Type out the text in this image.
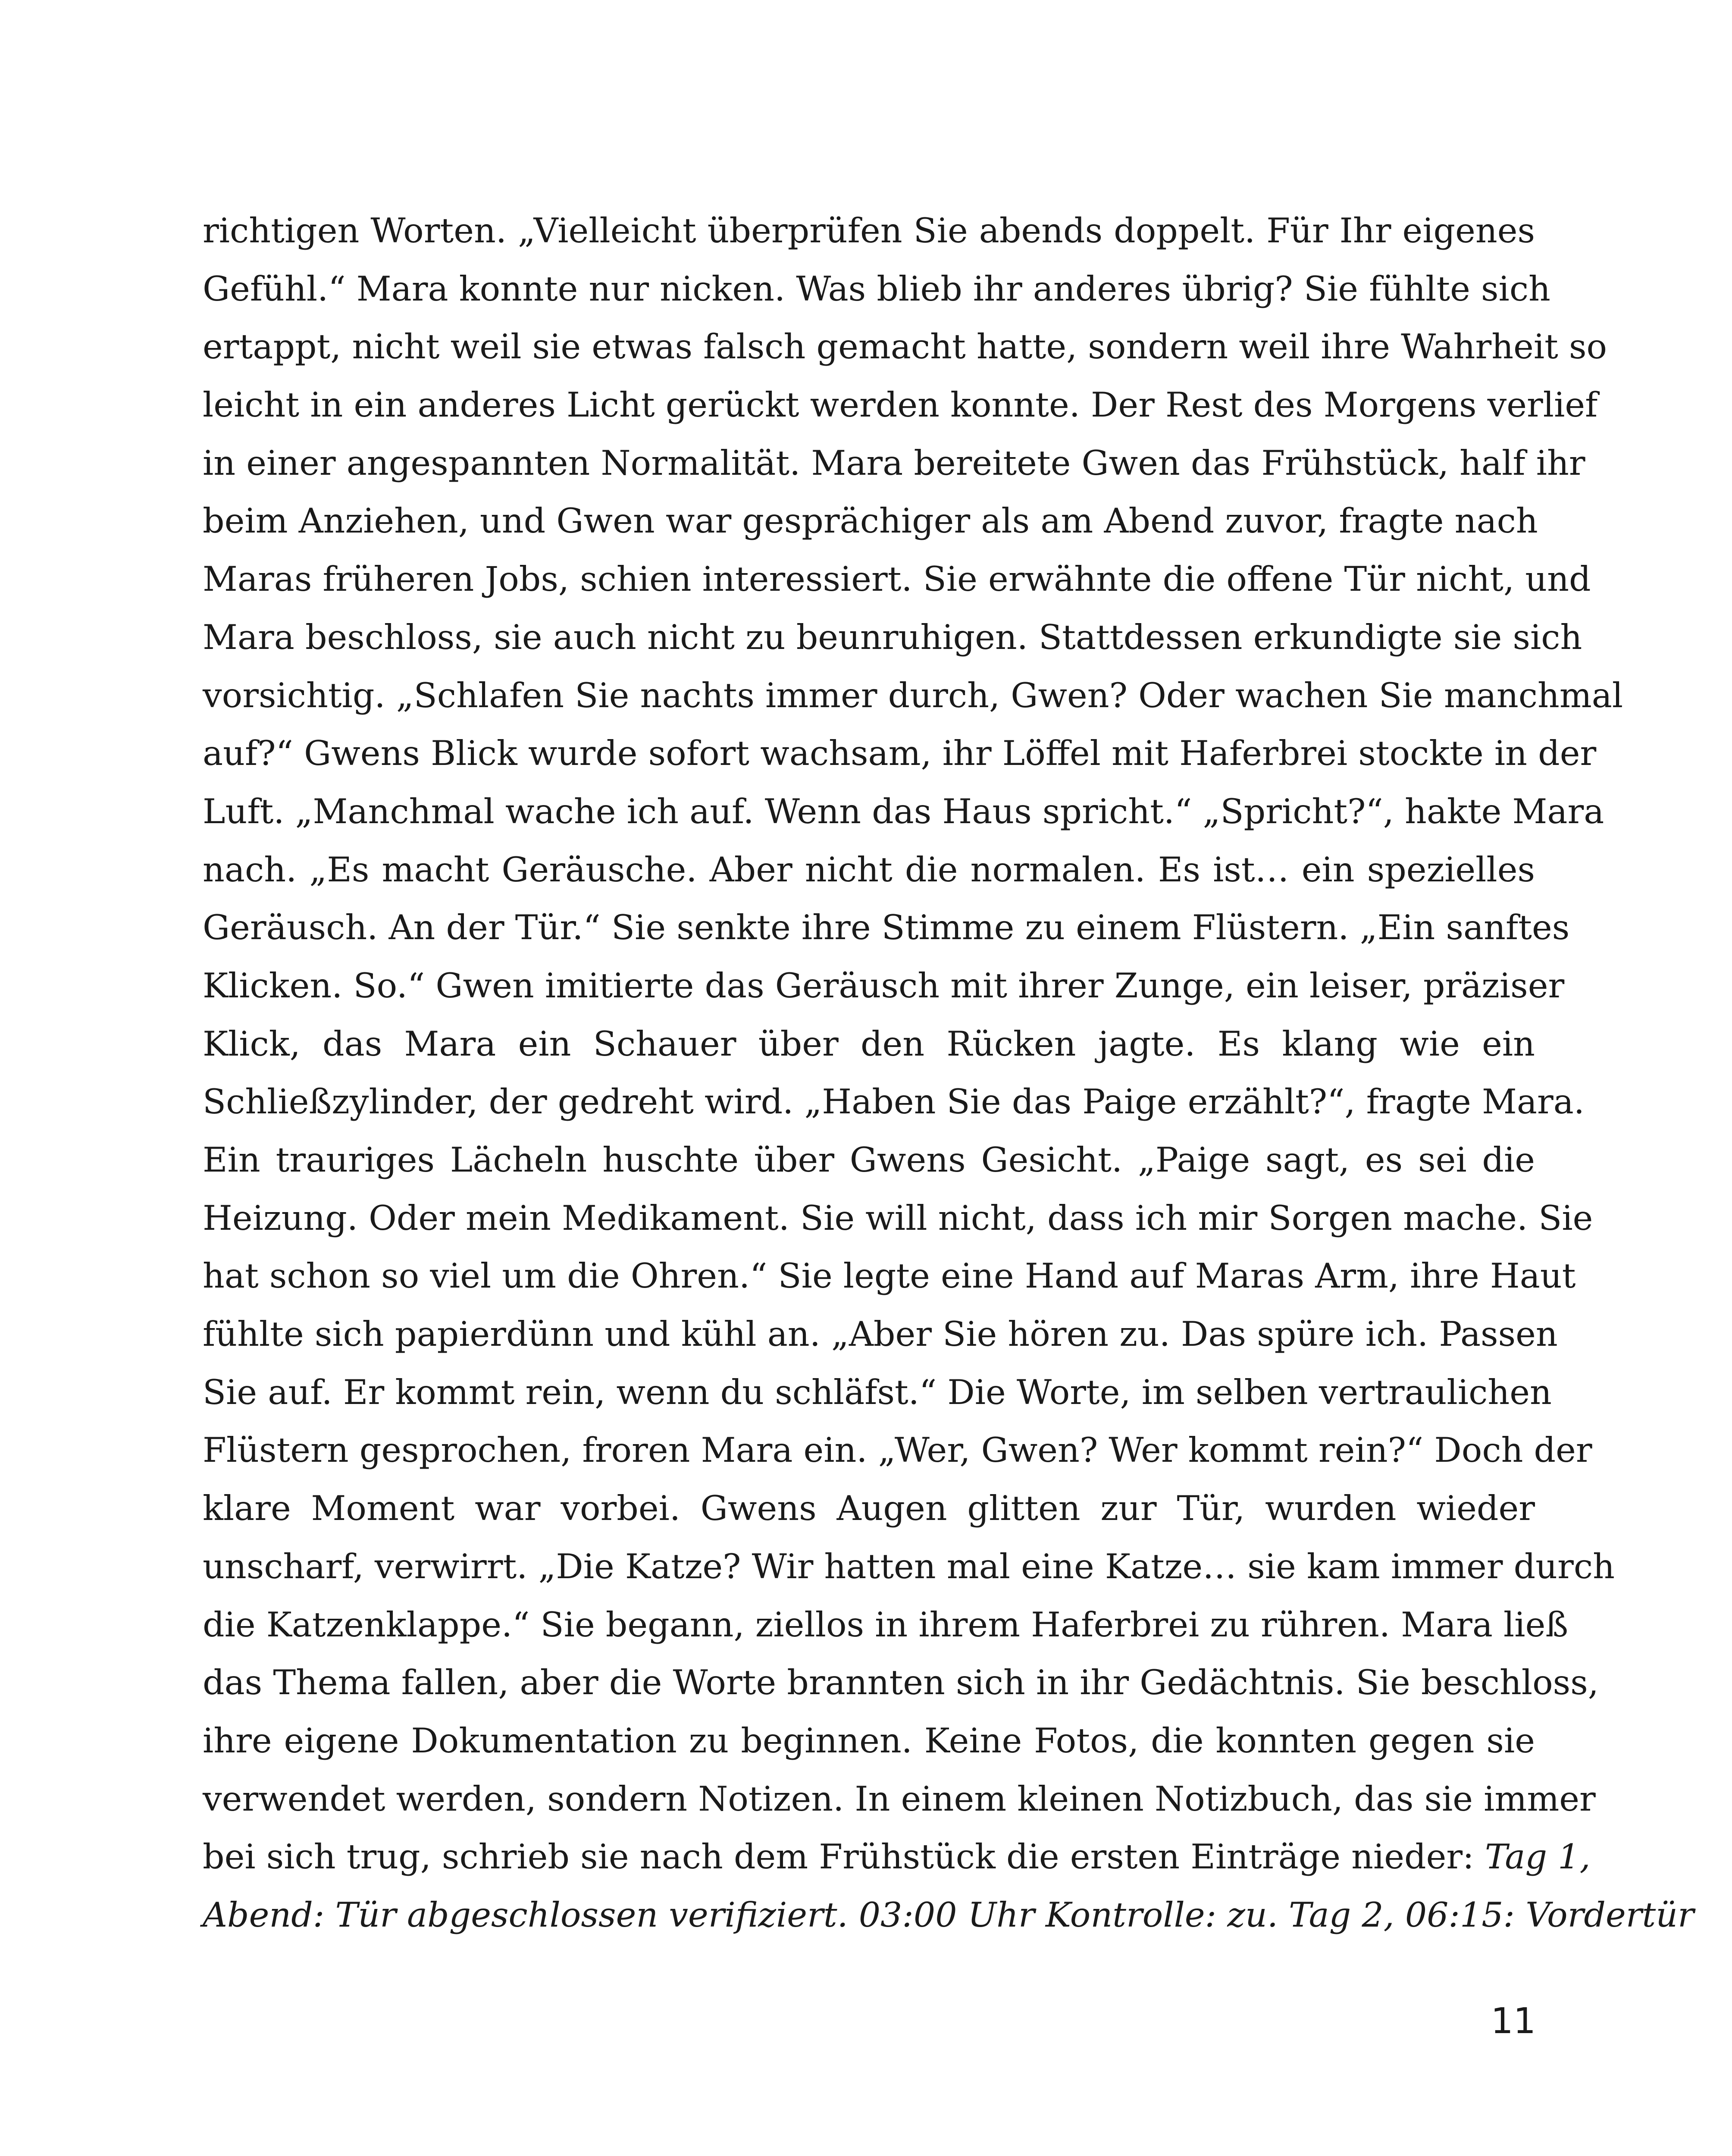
richtigen Worten. „Vielleicht überprüfen Sie abends doppelt. Für Ihr eigenes
Gefühl.“ Mara konnte nur nicken. Was blieb ihr anderes übrig? Sie fühlte sich
ertappt, nicht weil sie etwas falsch gemacht hatte, sondern weil ihre Wahrheit so
leicht in ein anderes Licht gerückt werden konnte. Der Rest des Morgens verlief
in einer angespannten Normalität. Mara bereitete Gwen das Frühstück, half ihr
beim Anziehen, und Gwen war gesprächiger als am Abend zuvor, fragte nach
Maras früheren Jobs, schien interessiert. Sie erwähnte die offene Tür nicht, und
Mara beschloss, sie auch nicht zu beunruhigen. Stattdessen erkundigte sie sich
vorsichtig. „Schlafen Sie nachts immer durch, Gwen? Oder wachen Sie manchmal
auf?“ Gwens Blick wurde sofort wachsam, ihr Löffel mit Haferbrei stockte in der
Luft. „Manchmal wache ich auf. Wenn das Haus spricht.“ „Spricht?“, hakte Mara
nach. „Es macht Geräusche. Aber nicht die normalen. Es ist… ein spezielles
Geräusch. An der Tür.“ Sie senkte ihre Stimme zu einem Flüstern. „Ein sanftes
Klicken. So.“ Gwen imitierte das Geräusch mit ihrer Zunge, ein leiser, präziser
Klick, das Mara ein Schauer über den Rücken jagte. Es klang wie ein
Schließzylinder, der gedreht wird. „Haben Sie das Paige erzählt?“, fragte Mara.
Ein trauriges Lächeln huschte über Gwens Gesicht. „Paige sagt, es sei die
Heizung. Oder mein Medikament. Sie will nicht, dass ich mir Sorgen mache. Sie
hat schon so viel um die Ohren.“ Sie legte eine Hand auf Maras Arm, ihre Haut
fühlte sich papierdünn und kühl an. „Aber Sie hören zu. Das spüre ich. Passen
Sie auf. Er kommt rein, wenn du schläfst.“ Die Worte, im selben vertraulichen
Flüstern gesprochen, froren Mara ein. „Wer, Gwen? Wer kommt rein?“ Doch der
klare Moment war vorbei. Gwens Augen glitten zur Tür, wurden wieder
unscharf, verwirrt. „Die Katze? Wir hatten mal eine Katze… sie kam immer durch
die Katzenklappe.“ Sie begann, ziellos in ihrem Haferbrei zu rühren. Mara ließ
das Thema fallen, aber die Worte brannten sich in ihr Gedächtnis. Sie beschloss,
ihre eigene Dokumentation zu beginnen. Keine Fotos, die konnten gegen sie
verwendet werden, sondern Notizen. In einem kleinen Notizbuch, das sie immer
bei sich trug, schrieb sie nach dem Frühstück die ersten Einträge nieder: Tag 1,
Abend: Tür abgeschlossen verifiziert. 03:00 Uhr Kontrolle: zu. Tag 2, 06:15: Vordertür
11
